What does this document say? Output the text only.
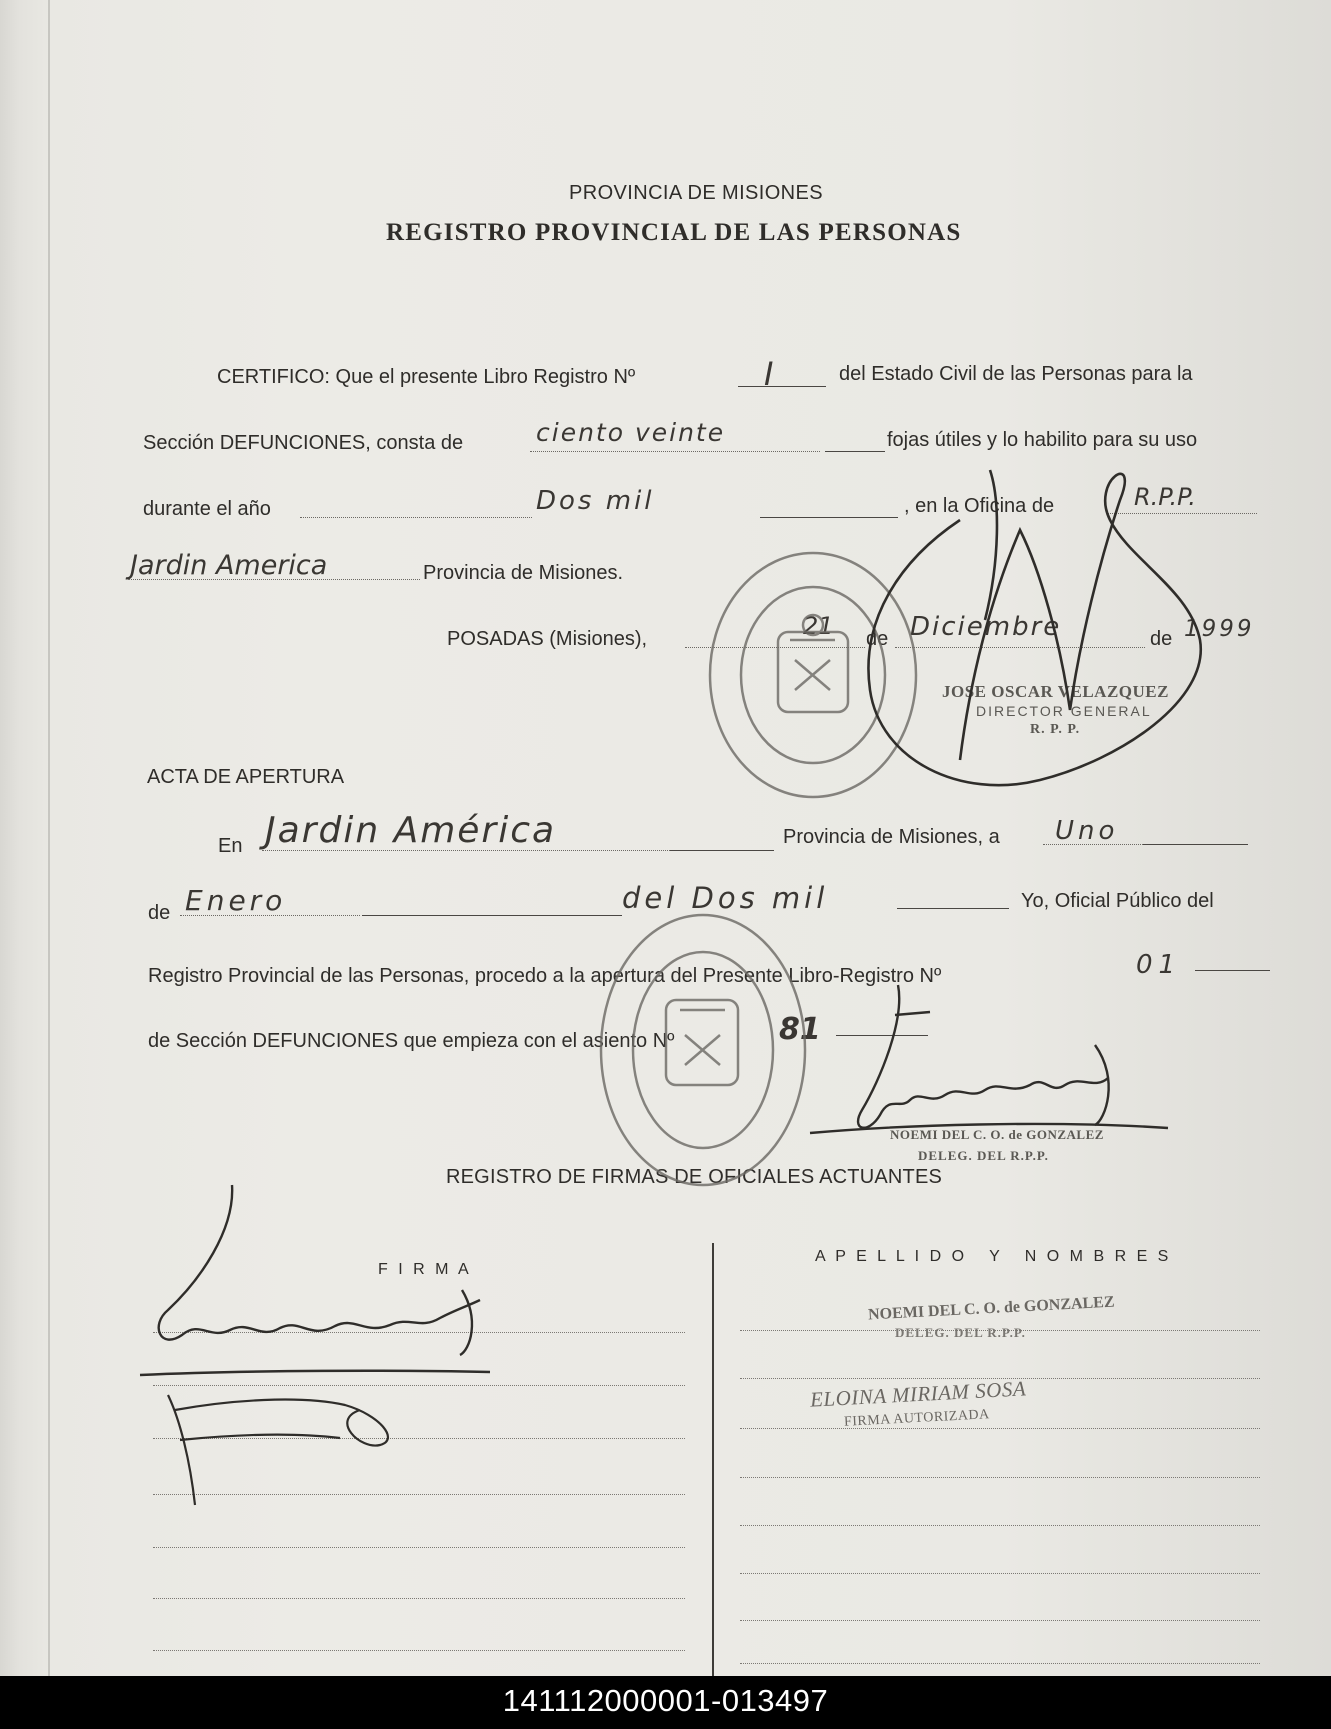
PROVINCIA DE MISIONES
REGISTRO PROVINCIAL DE LAS PERSONAS
CERTIFICO: Que el presente Libro Registro Nº	I	del Estado Civil de las Personas para la
Sección DEFUNCIONES, consta de	ciento veinte	fojas útiles y lo habilito para su uso
durante el año	Dos mil	, en la Oficina de	R.P.P.
Jardin America	Provincia de Misiones.
POSADAS (Misiones),	21 de Diciembre	de 1999
JOSE OSCAR VELAZQUEZ
DIRECTOR GENERAL
R. P. P.
ACTA DE APERTURA
En Jardin América	Provincia de Misiones, a Uno
de Enero	del Dos mil	Yo, Oficial Público del
Registro Provincial de las Personas, procedo a la apertura del Presente Libro-Registro Nº	01
de Sección DEFUNCIONES que empieza con el asiento Nº	81
NOEMI DEL C. O. de GONZALEZ
DELEG. DEL R.P.P.
REGISTRO DE FIRMAS DE OFICIALES ACTUANTES
F I R M A
A P E L L I D O   Y   N O M B R E S
NOEMI DEL C. O. de GONZALEZ
DELEG. DEL R.P.P.
ELOINA MIRIAM SOSA
FIRMA AUTORIZADA
141112000001-013497
